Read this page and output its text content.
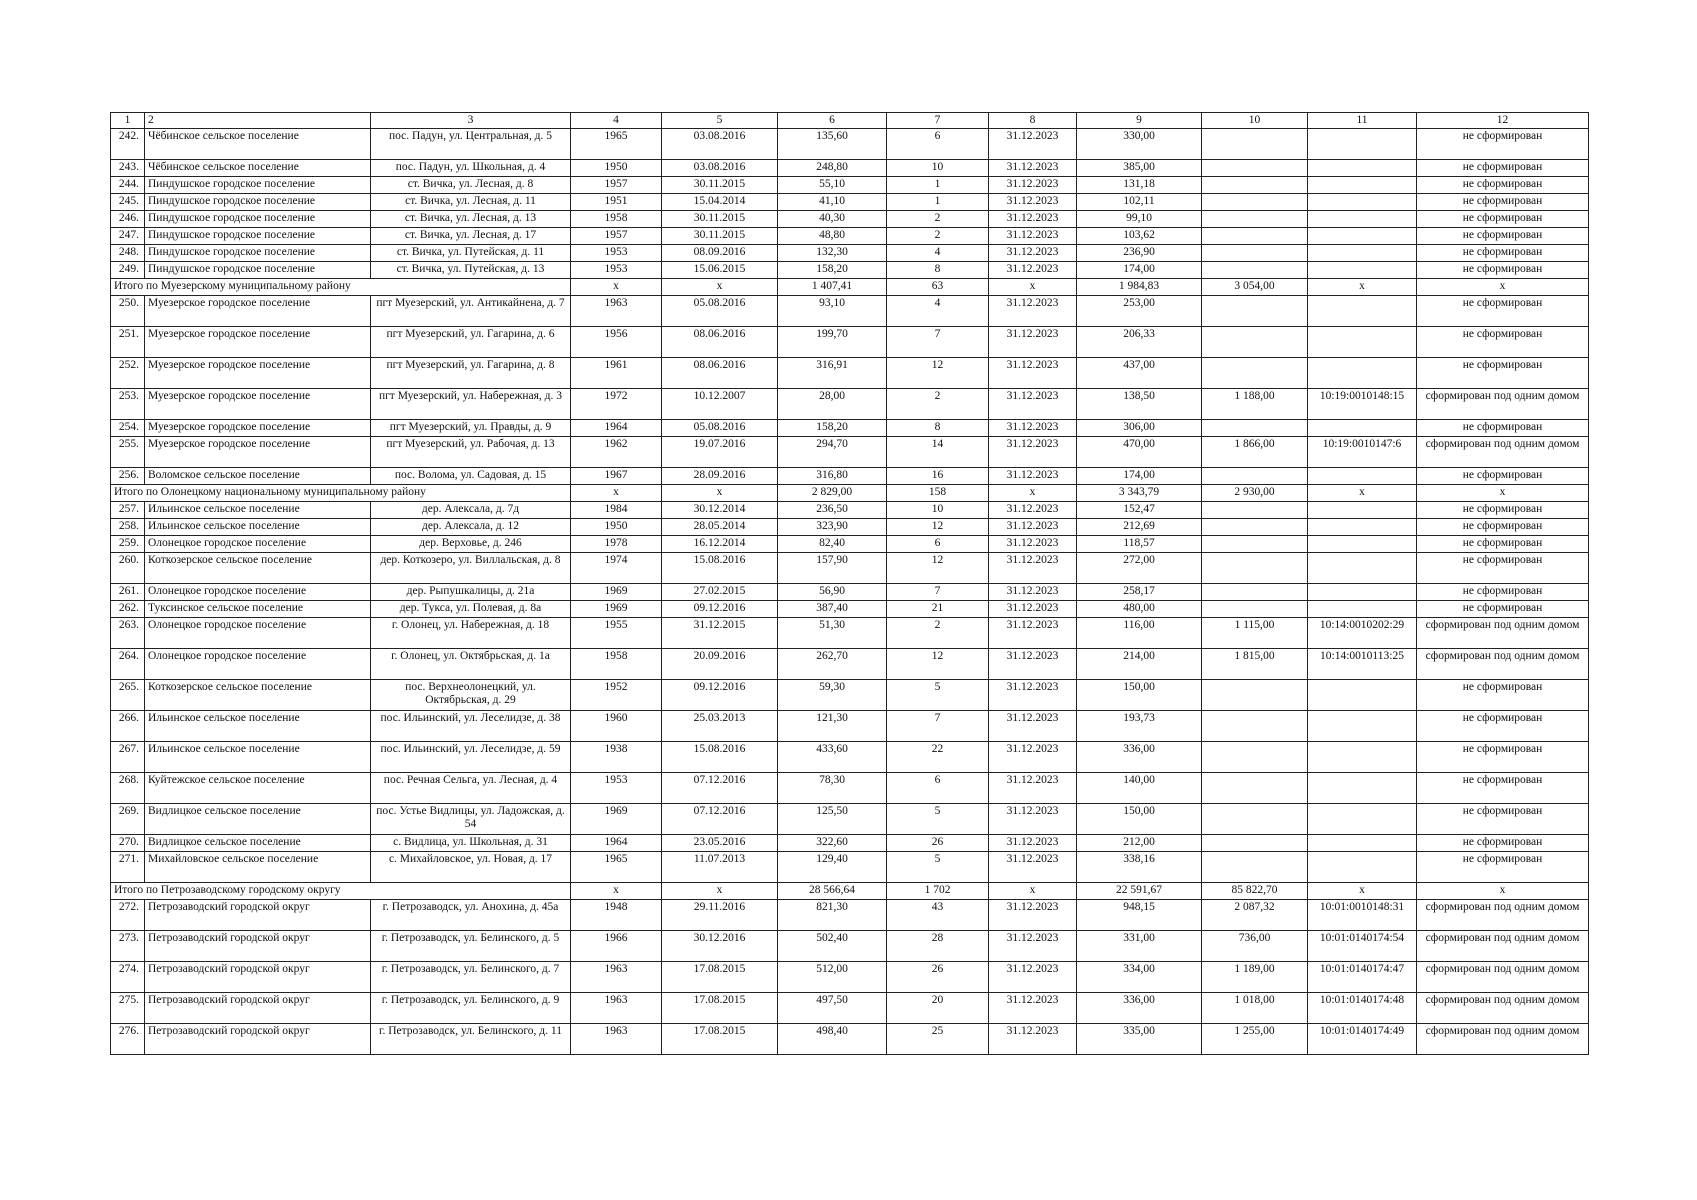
1	2	3	4	5	6	7	8	9	10	11	12
242.	Чёбинское сельское поселение	пос. Падун, ул. Центральная, д. 5	1965	03.08.2016	135,60	6	31.12.2023	330,00			не сформирован
243.	Чёбинское сельское поселение	пос. Падун, ул. Школьная, д. 4	1950	03.08.2016	248,80	10	31.12.2023	385,00			не сформирован
244.	Пиндушское городское поселение	ст. Вичка, ул. Лесная, д. 8	1957	30.11.2015	55,10	1	31.12.2023	131,18			не сформирован
245.	Пиндушское городское поселение	ст. Вичка, ул. Лесная, д. 11	1951	15.04.2014	41,10	1	31.12.2023	102,11			не сформирован
246.	Пиндушское городское поселение	ст. Вичка, ул. Лесная, д. 13	1958	30.11.2015	40,30	2	31.12.2023	99,10			не сформирован
247.	Пиндушское городское поселение	ст. Вичка, ул. Лесная, д. 17	1957	30.11.2015	48,80	2	31.12.2023	103,62			не сформирован
248.	Пиндушское городское поселение	ст. Вичка, ул. Путейская, д. 11	1953	08.09.2016	132,30	4	31.12.2023	236,90			не сформирован
249.	Пиндушское городское поселение	ст. Вичка, ул. Путейская, д. 13	1953	15.06.2015	158,20	8	31.12.2023	174,00			не сформирован
Итого по Муезерскому муниципальному району			x	x	1 407,41	63	x	1 984,83	3 054,00	x	x
250.	Муезерское городское поселение	пгт Муезерский, ул. Антикайнена, д. 7	1963	05.08.2016	93,10	4	31.12.2023	253,00			не сформирован
251.	Муезерское городское поселение	пгт Муезерский, ул. Гагарина, д. 6	1956	08.06.2016	199,70	7	31.12.2023	206,33			не сформирован
252.	Муезерское городское поселение	пгт Муезерский, ул. Гагарина, д. 8	1961	08.06.2016	316,91	12	31.12.2023	437,00			не сформирован
253.	Муезерское городское поселение	пгт Муезерский, ул. Набережная, д. 3	1972	10.12.2007	28,00	2	31.12.2023	138,50	1 188,00	10:19:0010148:15	сформирован под одним домом
254.	Муезерское городское поселение	пгт Муезерский, ул. Правды, д. 9	1964	05.08.2016	158,20	8	31.12.2023	306,00			не сформирован
255.	Муезерское городское поселение	пгт Муезерский, ул. Рабочая, д. 13	1962	19.07.2016	294,70	14	31.12.2023	470,00	1 866,00	10:19:0010147:6	сформирован под одним домом
256.	Воломское сельское поселение	пос. Волома, ул. Садовая, д. 15	1967	28.09.2016	316,80	16	31.12.2023	174,00			не сформирован
Итого по Олонецкому национальному муниципальному району			x	x	2 829,00	158	x	3 343,79	2 930,00	x	x
257.	Ильинское сельское поселение	дер. Алексала, д. 7д	1984	30.12.2014	236,50	10	31.12.2023	152,47			не сформирован
258.	Ильинское сельское поселение	дер. Алексала, д. 12	1950	28.05.2014	323,90	12	31.12.2023	212,69			не сформирован
259.	Олонецкое городское поселение	дер. Верховье, д. 246	1978	16.12.2014	82,40	6	31.12.2023	118,57			не сформирован
260.	Коткозерское сельское поселение	дер. Коткозеро, ул. Виллальская, д. 8	1974	15.08.2016	157,90	12	31.12.2023	272,00			не сформирован
261.	Олонецкое городское поселение	дер. Рыпушкалицы, д. 21а	1969	27.02.2015	56,90	7	31.12.2023	258,17			не сформирован
262.	Туксинское сельское поселение	дер. Тукса, ул. Полевая, д. 8а	1969	09.12.2016	387,40	21	31.12.2023	480,00			не сформирован
263.	Олонецкое городское поселение	г. Олонец, ул. Набережная, д. 18	1955	31.12.2015	51,30	2	31.12.2023	116,00	1 115,00	10:14:0010202:29	сформирован под одним домом
264.	Олонецкое городское поселение	г. Олонец, ул. Октябрьская, д. 1а	1958	20.09.2016	262,70	12	31.12.2023	214,00	1 815,00	10:14:0010113:25	сформирован под одним домом
265.	Коткозерское сельское поселение	пос. Верхнеолонецкий, ул. Октябрьская, д. 29	1952	09.12.2016	59,30	5	31.12.2023	150,00			не сформирован
266.	Ильинское сельское поселение	пос. Ильинский, ул. Леселидзе, д. 38	1960	25.03.2013	121,30	7	31.12.2023	193,73			не сформирован
267.	Ильинское сельское поселение	пос. Ильинский, ул. Леселидзе, д. 59	1938	15.08.2016	433,60	22	31.12.2023	336,00			не сформирован
268.	Куйтежское сельское поселение	пос. Речная Сельга, ул. Лесная, д. 4	1953	07.12.2016	78,30	6	31.12.2023	140,00			не сформирован
269.	Видлицкое сельское поселение	пос. Устье Видлицы, ул. Ладожская, д. 54	1969	07.12.2016	125,50	5	31.12.2023	150,00			не сформирован
270.	Видлицкое сельское поселение	с. Видлица, ул. Школьная, д. 31	1964	23.05.2016	322,60	26	31.12.2023	212,00			не сформирован
271.	Михайловское сельское поселение	с. Михайловское, ул. Новая, д. 17	1965	11.07.2013	129,40	5	31.12.2023	338,16			не сформирован
Итого по Петрозаводскому городскому округу			x	x	28 566,64	1 702	x	22 591,67	85 822,70	x	x
272.	Петрозаводский городской округ	г. Петрозаводск, ул. Анохина, д. 45а	1948	29.11.2016	821,30	43	31.12.2023	948,15	2 087,32	10:01:0010148:31	сформирован под одним домом
273.	Петрозаводский городской округ	г. Петрозаводск, ул. Белинского, д. 5	1966	30.12.2016	502,40	28	31.12.2023	331,00	736,00	10:01:0140174:54	сформирован под одним домом
274.	Петрозаводский городской округ	г. Петрозаводск, ул. Белинского, д. 7	1963	17.08.2015	512,00	26	31.12.2023	334,00	1 189,00	10:01:0140174:47	сформирован под одним домом
275.	Петрозаводский городской округ	г. Петрозаводск, ул. Белинского, д. 9	1963	17.08.2015	497,50	20	31.12.2023	336,00	1 018,00	10:01:0140174:48	сформирован под одним домом
276.	Петрозаводский городской округ	г. Петрозаводск, ул. Белинского, д. 11	1963	17.08.2015	498,40	25	31.12.2023	335,00	1 255,00	10:01:0140174:49	сформирован под одним домом
